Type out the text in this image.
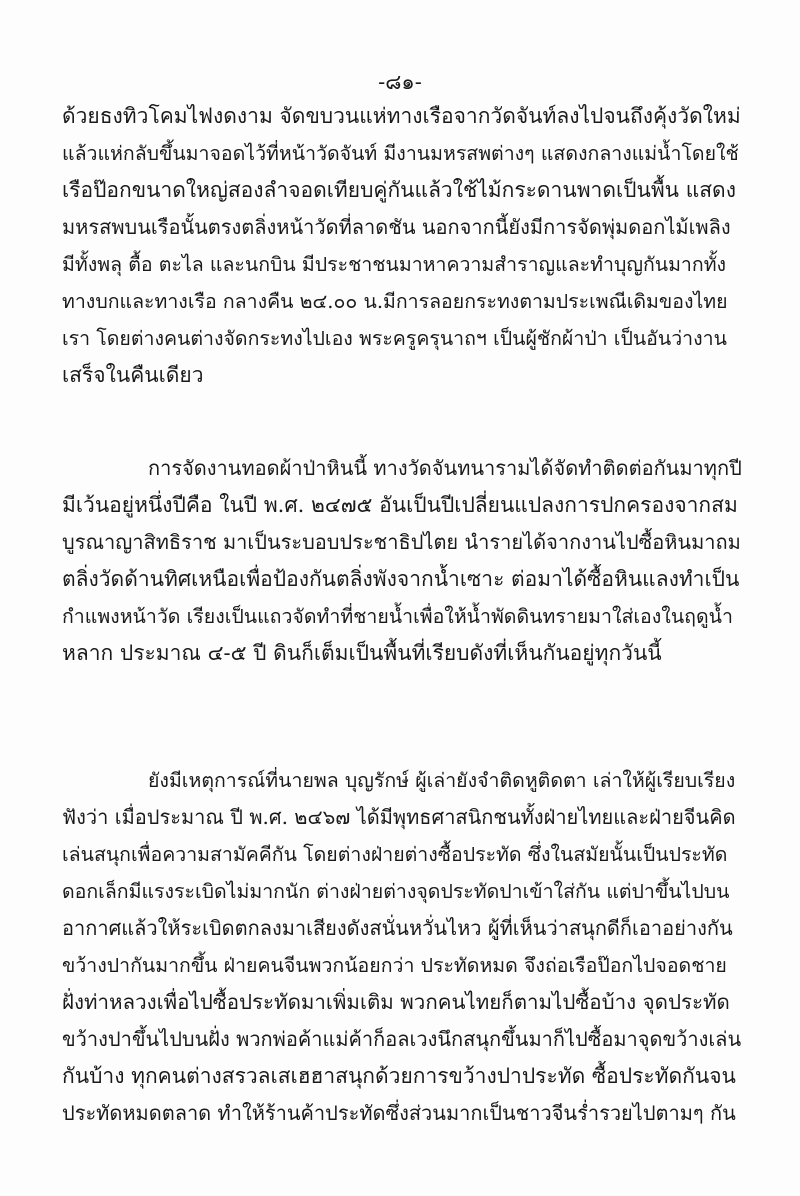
-๘๑-
ด้วยธงทิวโคมไฟงดงาม จัดขบวนแห่ทางเรือจากวัดจันท์ลงไปจนถึงคุ้งวัดใหม่
แล้วแห่กลับขึ้นมาจอดไว้ที่หน้าวัดจันท์ มีงานมหรสพต่างๆ แสดงกลางแม่น้ำโดยใช้
เรือป๊อกขนาดใหญ่สองลำจอดเทียบคู่กันแล้วใช้ไม้กระดานพาดเป็นพื้น แสดง
มหรสพบนเรือนั้นตรงตลิ่งหน้าวัดที่ลาดชัน นอกจากนี้ยังมีการจัดพุ่มดอกไม้เพลิง
มีทั้งพลุ ตื้อ ตะไล และนกบิน มีประชาชนมาหาความสำราญและทำบุญกันมากทั้ง
ทางบกและทางเรือ กลางคืน ๒๔.๐๐ น.มีการลอยกระทงตามประเพณีเดิมของไทย
เรา โดยต่างคนต่างจัดกระทงไปเอง พระครูครุนาถฯ เป็นผู้ชักผ้าป่า เป็นอันว่างาน
เสร็จในคืนเดียว
การจัดงานทอดผ้าป่าหินนี้ ทางวัดจันทนารามได้จัดทำติดต่อกันมาทุกปี
มีเว้นอยู่หนึ่งปีคือ ในปี พ.ศ. ๒๔๗๕ อันเป็นปีเปลี่ยนแปลงการปกครองจากสม
บูรณาญาสิทธิราช มาเป็นระบอบประชาธิปไตย นำรายได้จากงานไปซื้อหินมาถม
ตลิ่งวัดด้านทิศเหนือเพื่อป้องกันตลิ่งพังจากน้ำเซาะ ต่อมาได้ซื้อหินแลงทำเป็น
กำแพงหน้าวัด เรียงเป็นแถวจัดทำที่ชายน้ำเพื่อให้น้ำพัดดินทรายมาใส่เองในฤดูน้ำ
หลาก ประมาณ ๔-๕ ปี ดินก็เต็มเป็นพื้นที่เรียบดังที่เห็นกันอยู่ทุกวันนี้
ยังมีเหตุการณ์ที่นายพล บุญรักษ์ ผู้เล่ายังจำติดหูติดตา เล่าให้ผู้เรียบเรียง
ฟังว่า เมื่อประมาณ ปี พ.ศ. ๒๔๖๗ ได้มีพุทธศาสนิกชนทั้งฝ่ายไทยและฝ่ายจีนคิด
เล่นสนุกเพื่อความสามัคคีกัน โดยต่างฝ่ายต่างซื้อประทัด ซึ่งในสมัยนั้นเป็นประทัด
ดอกเล็กมีแรงระเบิดไม่มากนัก ต่างฝ่ายต่างจุดประทัดปาเข้าใส่กัน แต่ปาขึ้นไปบน
อากาศแล้วให้ระเบิดตกลงมาเสียงดังสนั่นหวั่นไหว ผู้ที่เห็นว่าสนุกดีก็เอาอย่างกัน
ขว้างปากันมากขึ้น ฝ่ายคนจีนพวกน้อยกว่า ประทัดหมด จึงถ่อเรือป๊อกไปจอดชาย
ฝั่งท่าหลวงเพื่อไปซื้อประทัดมาเพิ่มเติม พวกคนไทยก็ตามไปซื้อบ้าง จุดประทัด
ขว้างปาขึ้นไปบนฝั่ง พวกพ่อค้าแม่ค้าก็อลเวงนึกสนุกขึ้นมาก็ไปซื้อมาจุดขว้างเล่น
กันบ้าง ทุกคนต่างสรวลเสเฮฮาสนุกด้วยการขว้างปาประทัด ซื้อประทัดกันจน
ประทัดหมดตลาด ทำให้ร้านค้าประทัดซึ่งส่วนมากเป็นชาวจีนร่ำรวยไปตามๆ กัน
